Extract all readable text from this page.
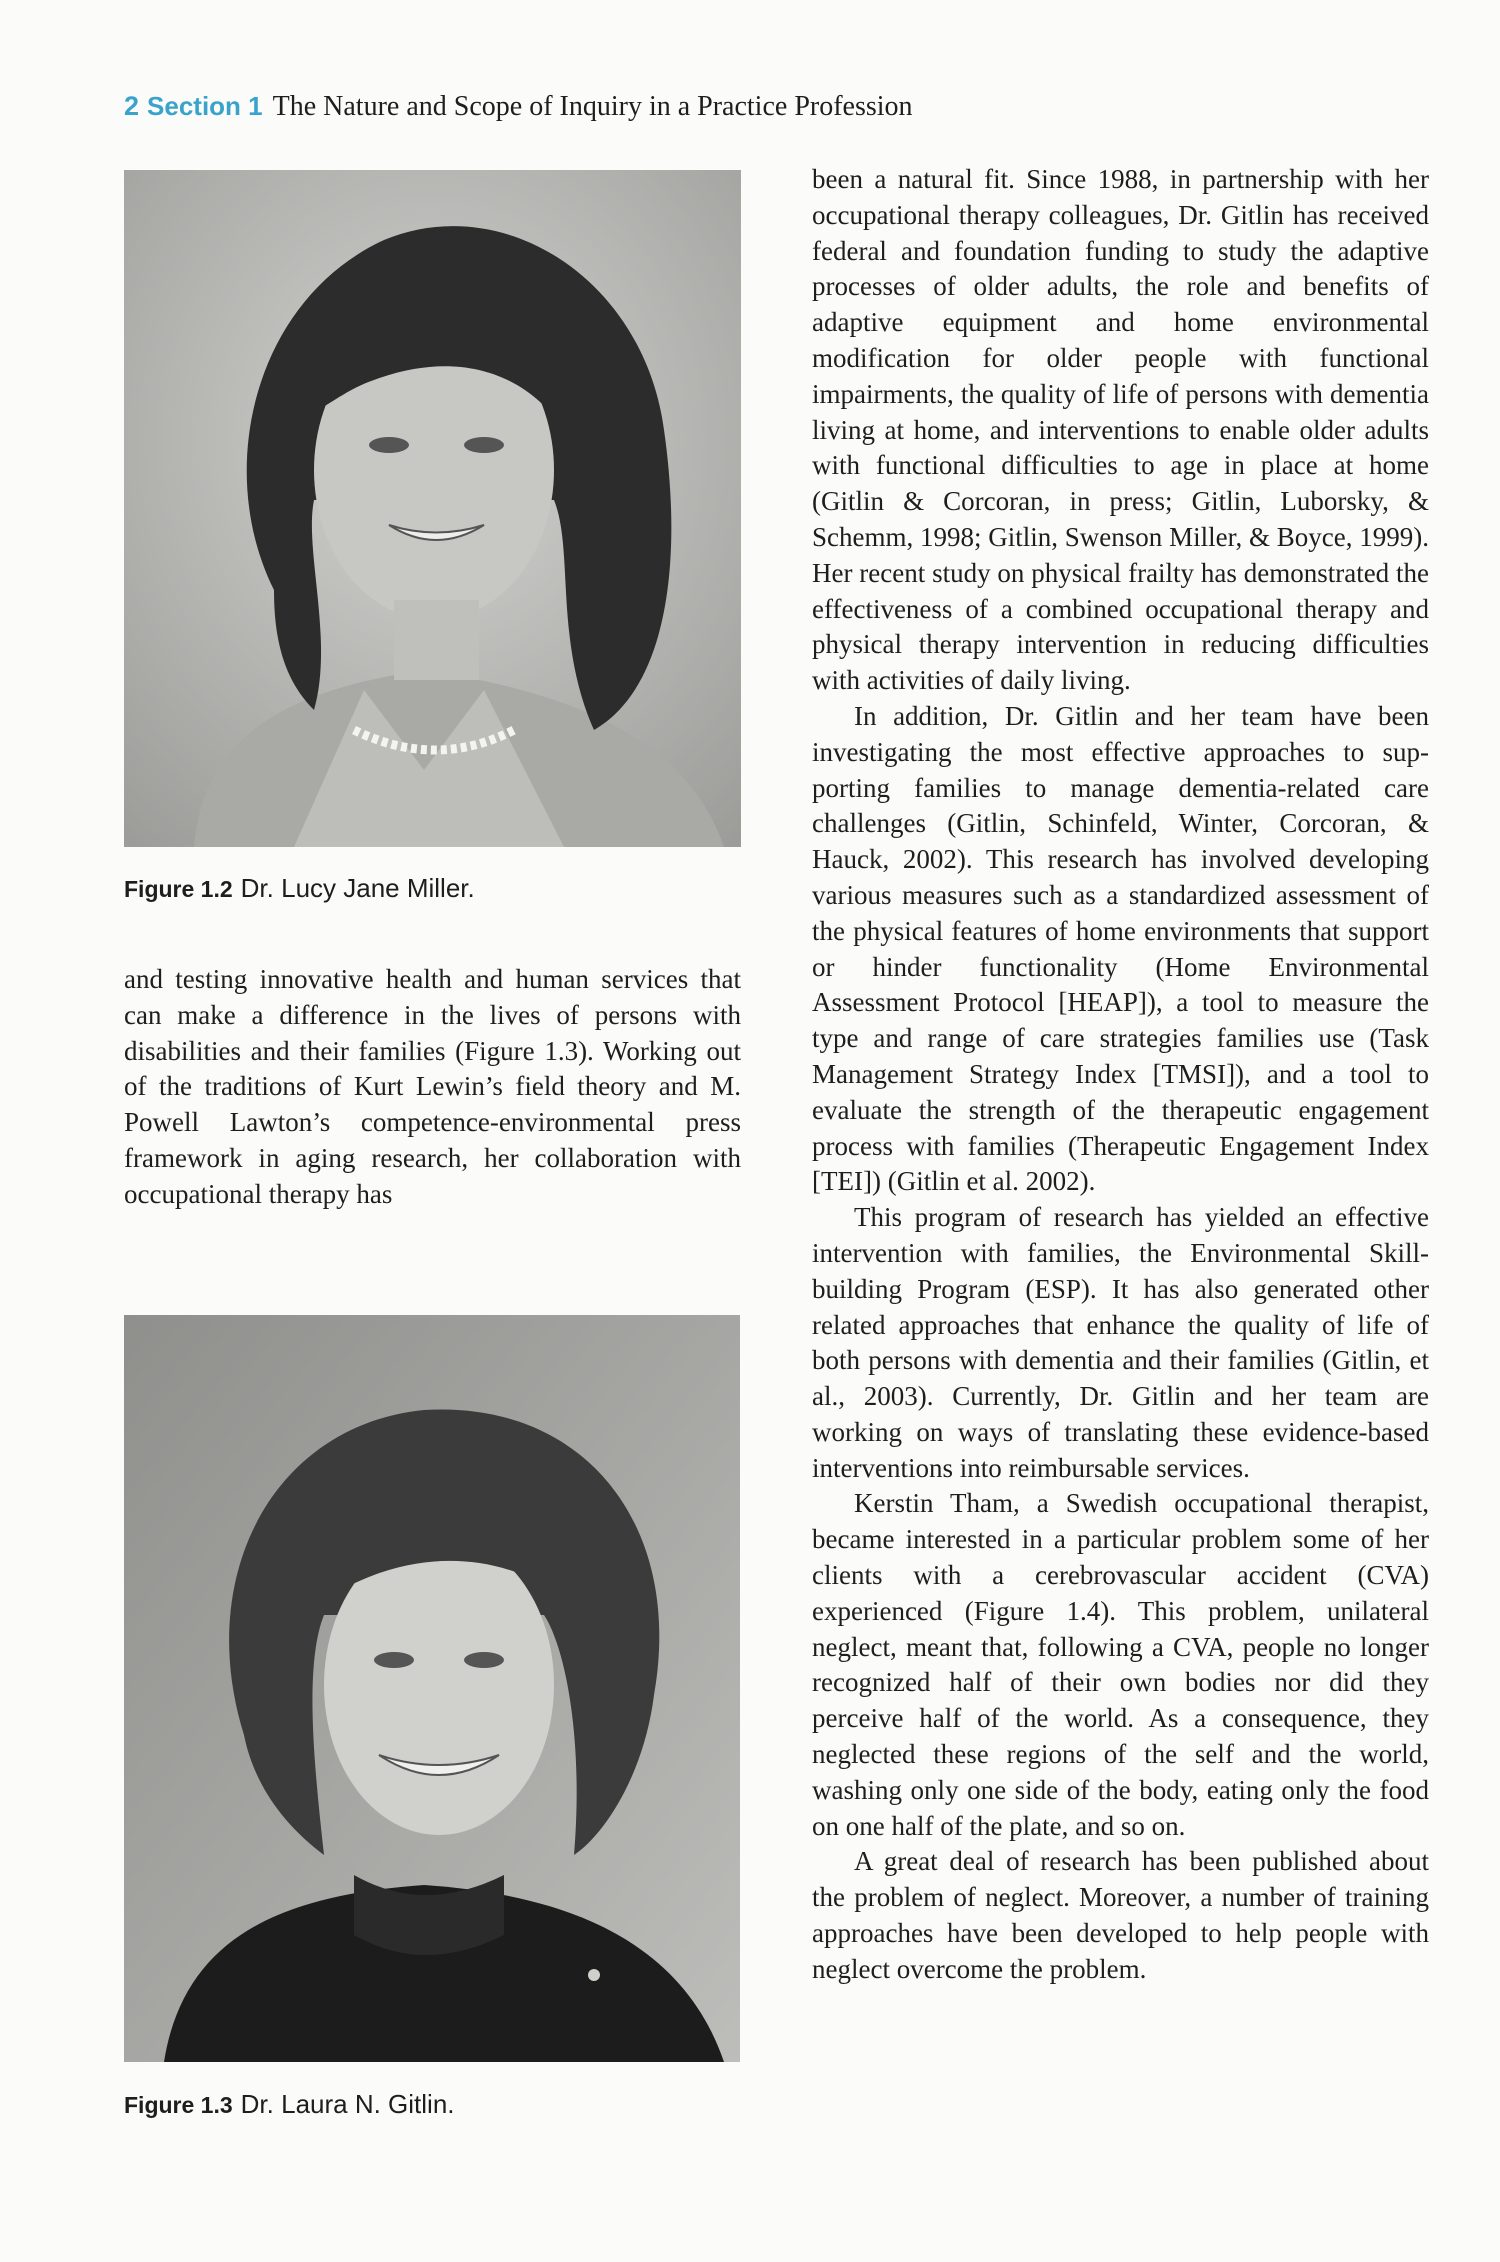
2 Section 1 The Nature and Scope of Inquiry in a Practice Profession
Figure 1.2 Dr. Lucy Jane Miller.

and testing innovative health and human services that can make a difference in the lives of persons with disabilities and their families (Figure 1.3). Working out of the traditions of Kurt Lewin’s field theory and M. Powell Lawton’s competence-environmental press framework in aging research, her collaboration with occupational therapy has

Figure 1.3 Dr. Laura N. Gitlin.

been a natural fit. Since 1988, in partnership with her occupational therapy colleagues, Dr. Gitlin has received federal and foundation funding to study the adaptive processes of older adults, the role and benefits of adaptive equipment and home environmental modification for older people with functional impairments, the quality of life of persons with dementia living at home, and interventions to enable older adults with functional difficulties to age in place at home (Gitlin & Corcoran, in press; Gitlin, Luborsky, & Schemm, 1998; Gitlin, Swenson Miller, & Boyce, 1999). Her recent study on physical frailty has demonstrated the effectiveness of a combined occupational therapy and physical therapy intervention in reducing difficulties with activities of daily living.

In addition, Dr. Gitlin and her team have been investigating the most effective approaches to supporting families to manage dementia-related care challenges (Gitlin, Schinfeld, Winter, Corcoran, & Hauck, 2002). This research has involved developing various measures such as a standardized assessment of the physical features of home environments that support or hinder functionality (Home Environmental Assessment Protocol [HEAP]), a tool to measure the type and range of care strategies families use (Task Management Strategy Index [TMSI]), and a tool to evaluate the strength of the therapeutic engagement process with families (Therapeutic Engagement Index [TEI]) (Gitlin et al. 2002).

This program of research has yielded an effective intervention with families, the Environmental Skill-building Program (ESP). It has also generated other related approaches that enhance the quality of life of both persons with dementia and their families (Gitlin, et al., 2003). Currently, Dr. Gitlin and her team are working on ways of translating these evidence-based interventions into reimbursable services.

Kerstin Tham, a Swedish occupational therapist, became interested in a particular problem some of her clients with a cerebrovascular accident (CVA) experienced (Figure 1.4). This problem, unilateral neglect, meant that, following a CVA, people no longer recognized half of their own bodies nor did they perceive half of the world. As a consequence, they neglected these regions of the self and the world, washing only one side of the body, eating only the food on one half of the plate, and so on.

A great deal of research has been published about the problem of neglect. Moreover, a number of training approaches have been developed to help people with neglect overcome the problem.
